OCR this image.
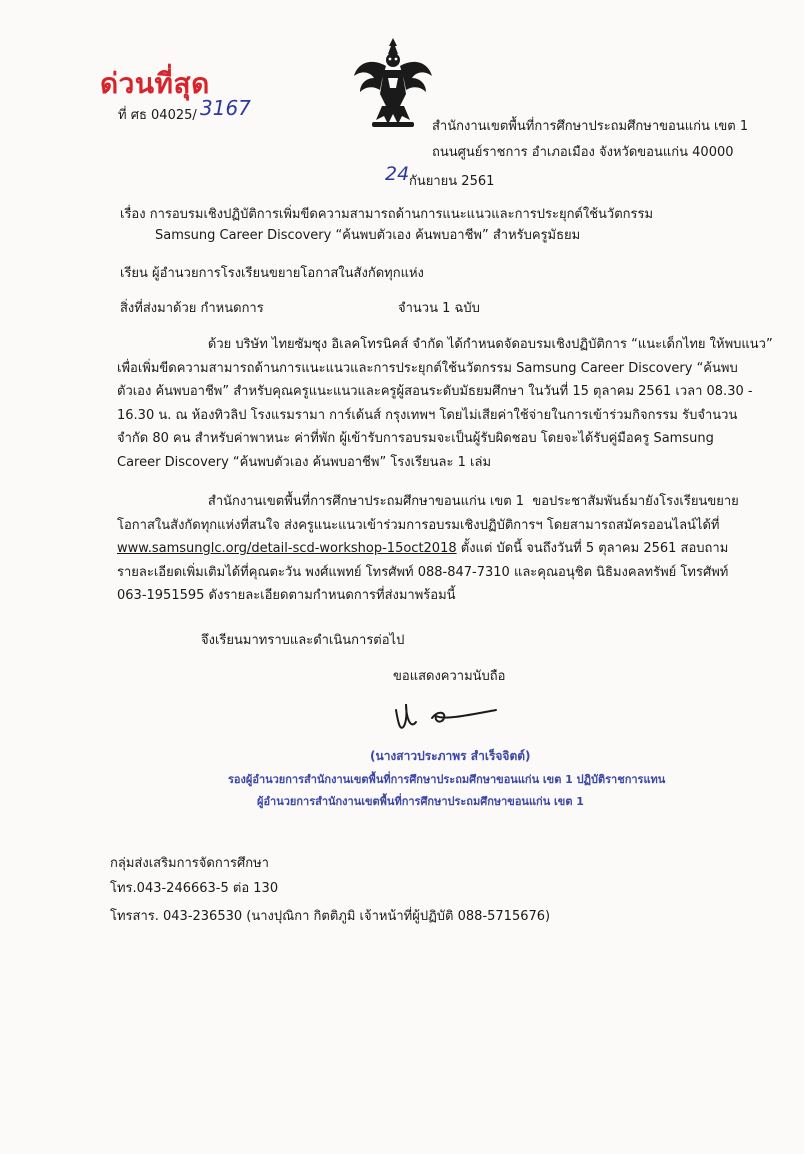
ด่วนที่สุด
ที่ ศธ 04025/ 3167
สำนักงานเขตพื้นที่การศึกษาประถมศึกษาขอนแก่น เขต 1
ถนนศูนย์ราชการ อำเภอเมือง จังหวัดขอนแก่น 40000
24 กันยายน 2561
เรื่อง การอบรมเชิงปฏิบัติการเพิ่มขีดความสามารถด้านการแนะแนวและการประยุกต์ใช้นวัตกรรม
Samsung Career Discovery “ค้นพบตัวเอง ค้นพบอาชีพ” สำหรับครูมัธยม
เรียน ผู้อำนวยการโรงเรียนขยายโอกาสในสังกัดทุกแห่ง
สิ่งที่ส่งมาด้วย กำหนดการ	จำนวน 1 ฉบับ

ด้วย บริษัท ไทยซัมซุง อิเลคโทรนิคส์ จำกัด ได้กำหนดจัดอบรมเชิงปฏิบัติการ “แนะเด็กไทย ให้พบแนว”

เพื่อเพิ่มขีดความสามารถด้านการแนะแนวและการประยุกต์ใช้นวัตกรรม Samsung Career Discovery “ค้นพบ

ตัวเอง ค้นพบอาชีพ” สำหรับคุณครูแนะแนวและครูผู้สอนระดับมัธยมศึกษา ในวันที่ 15 ตุลาคม 2561 เวลา 08.30 -

16.30 น. ณ ห้องทิวลิป โรงแรมรามา การ์เด้นส์ กรุงเทพฯ โดยไม่เสียค่าใช้จ่ายในการเข้าร่วมกิจกรรม รับจำนวน

จำกัด 80 คน สำหรับค่าพาหนะ ค่าที่พัก ผู้เข้ารับการอบรมจะเป็นผู้รับผิดชอบ โดยจะได้รับคู่มือครู Samsung

Career Discovery “ค้นพบตัวเอง ค้นพบอาชีพ” โรงเรียนละ 1 เล่ม

สำนักงานเขตพื้นที่การศึกษาประถมศึกษาขอนแก่น เขต 1  ขอประชาสัมพันธ์มายังโรงเรียนขยาย

โอกาสในสังกัดทุกแห่งที่สนใจ ส่งครูแนะแนวเข้าร่วมการอบรมเชิงปฏิบัติการฯ โดยสามารถสมัครออนไลน์ได้ที่

www.samsunglc.org/detail-scd-workshop-15oct2018 ตั้งแต่ บัดนี้ จนถึงวันที่ 5 ตุลาคม 2561 สอบถาม

รายละเอียดเพิ่มเติมได้ที่คุณตะวัน พงศ์แพทย์ โทรศัพท์ 088-847-7310 และคุณอนุชิต นิธิมงคลทรัพย์ โทรศัพท์

063-1951595 ดังรายละเอียดตามกำหนดการที่ส่งมาพร้อมนี้

จึงเรียนมาทราบและดำเนินการต่อไป
ขอแสดงความนับถือ
(นางสาวประภาพร สำเร็จจิตต์)
รองผู้อำนวยการสำนักงานเขตพื้นที่การศึกษาประถมศึกษาขอนแก่น เขต 1 ปฏิบัติราชการแทน
ผู้อำนวยการสำนักงานเขตพื้นที่การศึกษาประถมศึกษาขอนแก่น เขต 1
กลุ่มส่งเสริมการจัดการศึกษา
โทร.043-246663-5 ต่อ 130
โทรสาร. 043-236530 (นางปุณิกา กิตติภูมิ เจ้าหน้าที่ผู้ปฏิบัติ 088-5715676)
